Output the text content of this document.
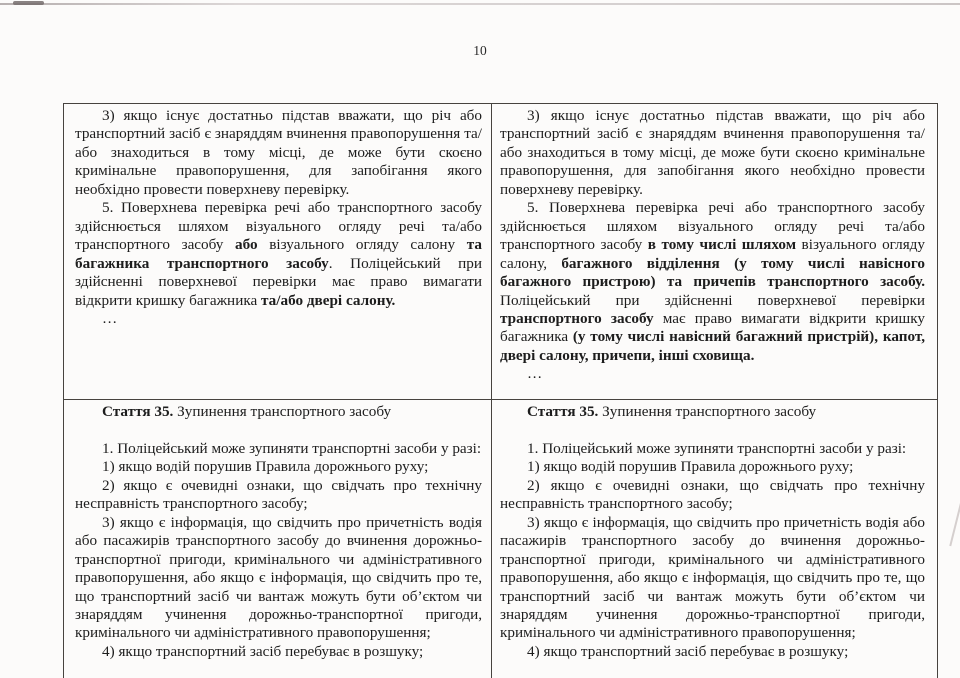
10

3) якщо існує достатньо підстав вважати, що річ або транспортний засіб є знаряддям вчинення правопорушення та/або знаходиться в тому місці, де може бути скоєно кримінальне правопорушення, для запобігання якого необхідно провести поверхневу перевірку.

5. Поверхнева перевірка речі або транспортного засобу здійснюється шляхом візуального огляду речі та/або транспортного засобу або візуального огляду салону та багажника транспортного засобу. Поліцейський при здійсненні поверхневої перевірки має право вимагати відкрити кришку багажника та/або двері салону.

…

3) якщо існує достатньо підстав вважати, що річ або транспортний засіб є знаряддям вчинення правопорушення та/або знаходиться в тому місці, де може бути скоєно кримінальне правопорушення, для запобігання якого необхідно провести поверхневу перевірку.

5. Поверхнева перевірка речі або транспортного засобу здійснюється шляхом візуального огляду речі та/або транспортного засобу в тому числі шляхом візуального огляду салону, багажного відділення (у тому числі навісного багажного пристрою) та причепів транспортного засобу. Поліцейський при здійсненні поверхневої перевірки транспортного засобу має право вимагати відкрити кришку багажника (у тому числі навісний багажний пристрій), капот, двері салону, причепи, інші сховища.

…

Стаття 35. Зупинення транспортного засобу

1. Поліцейський може зупиняти транспортні засоби у разі:

1) якщо водій порушив Правила дорожнього руху;

2) якщо є очевидні ознаки, що свідчать про технічну несправність транспортного засобу;

3) якщо є інформація, що свідчить про причетність водія або пасажирів транспортного засобу до вчинення дорожньо-транспортної пригоди, кримінального чи адміністративного правопорушення, або якщо є інформація, що свідчить про те, що транспортний засіб чи вантаж можуть бути об’єктом чи знаряддям учинення дорожньо-транспортної пригоди, кримінального чи адміністративного правопорушення;

4) якщо транспортний засіб перебуває в розшуку;

Стаття 35. Зупинення транспортного засобу

1. Поліцейський може зупиняти транспортні засоби у разі:

1) якщо водій порушив Правила дорожнього руху;

2) якщо є очевидні ознаки, що свідчать про технічну несправність транспортного засобу;

3) якщо є інформація, що свідчить про причетність водія або пасажирів транспортного засобу до вчинення дорожньо-транспортної пригоди, кримінального чи адміністративного правопорушення, або якщо є інформація, що свідчить про те, що транспортний засіб чи вантаж можуть бути об’єктом чи знаряддям учинення дорожньо-транспортної пригоди, кримінального чи адміністративного правопорушення;

4) якщо транспортний засіб перебуває в розшуку;
